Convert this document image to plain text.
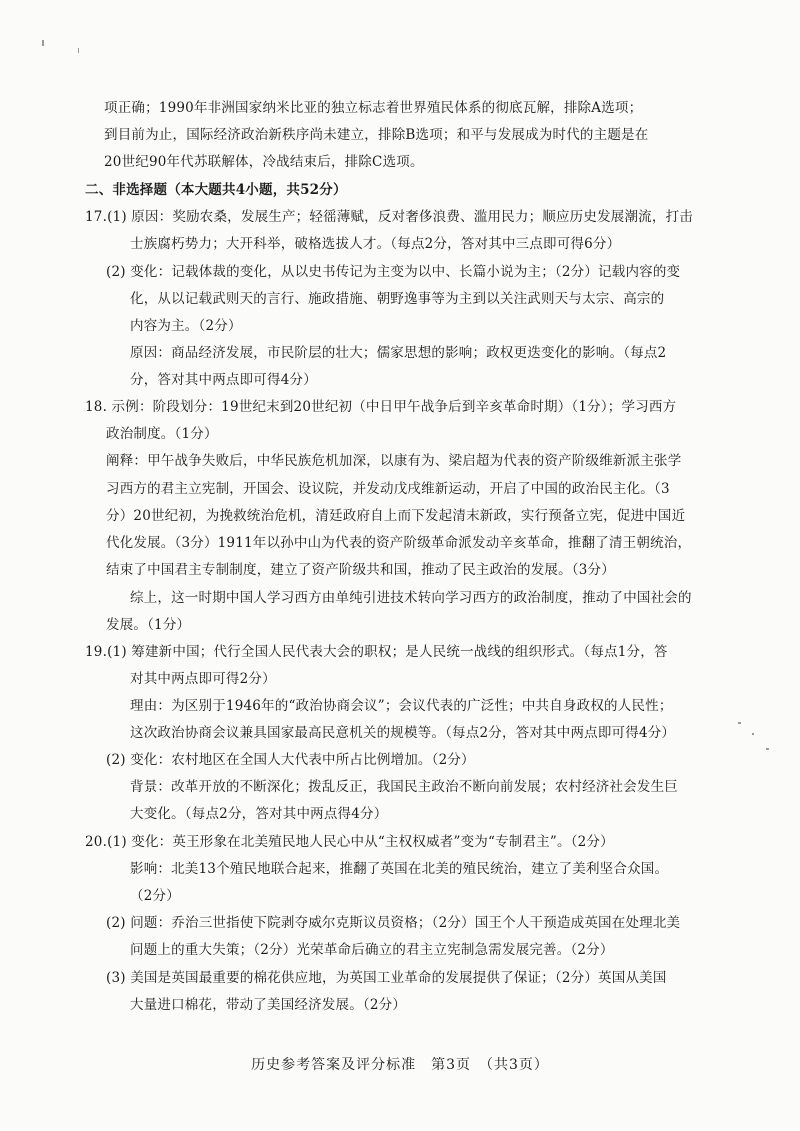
项正确；1990年非洲国家纳米比亚的独立标志着世界殖民体系的彻底瓦解，排除A选项；
到目前为止，国际经济政治新秩序尚未建立，排除B选项；和平与发展成为时代的主题是在
20世纪90年代苏联解体，冷战结束后，排除C选项。
二、非选择题（本大题共4小题，共52分）
17.(1) 原因：奖励农桑，发展生产；轻徭薄赋，反对奢侈浪费、滥用民力；顺应历史发展潮流，打击
士族腐朽势力；大开科举，破格选拔人才。（每点2分，答对其中三点即可得6分）
(2) 变化：记载体裁的变化，从以史书传记为主变为以中、长篇小说为主；（2分）记载内容的变
化，从以记载武则天的言行、施政措施、朝野逸事等为主到以关注武则天与太宗、高宗的
内容为主。（2分）
原因：商品经济发展，市民阶层的壮大；儒家思想的影响；政权更迭变化的影响。（每点2
分，答对其中两点即可得4分）
18. 示例：阶段划分：19世纪末到20世纪初（中日甲午战争后到辛亥革命时期）（1分）；学习西方
政治制度。（1分）
阐释：甲午战争失败后，中华民族危机加深，以康有为、梁启超为代表的资产阶级维新派主张学
习西方的君主立宪制，开国会、设议院，并发动戊戌维新运动，开启了中国的政治民主化。（3
分）20世纪初，为挽救统治危机，清廷政府自上而下发起清末新政，实行预备立宪，促进中国近
代化发展。（3分）1911年以孙中山为代表的资产阶级革命派发动辛亥革命，推翻了清王朝统治，
结束了中国君主专制制度，建立了资产阶级共和国，推动了民主政治的发展。（3分）
综上，这一时期中国人学习西方由单纯引进技术转向学习西方的政治制度，推动了中国社会的
发展。（1分）
19.(1) 筹建新中国；代行全国人民代表大会的职权；是人民统一战线的组织形式。（每点1分，答
对其中两点即可得2分）
理由：为区别于1946年的“政治协商会议”；会议代表的广泛性；中共自身政权的人民性；
这次政治协商会议兼具国家最高民意机关的规模等。（每点2分，答对其中两点即可得4分）
(2) 变化：农村地区在全国人大代表中所占比例增加。（2分）
背景：改革开放的不断深化；拨乱反正，我国民主政治不断向前发展；农村经济社会发生巨
大变化。（每点2分，答对其中两点得4分）
20.(1) 变化：英王形象在北美殖民地人民心中从“主权权威者”变为“专制君主”。（2分）
影响：北美13个殖民地联合起来，推翻了英国在北美的殖民统治，建立了美利坚合众国。
（2分）
(2) 问题：乔治三世指使下院剥夺威尔克斯议员资格；（2分）国王个人干预造成英国在处理北美
问题上的重大失策；（2分）光荣革命后确立的君主立宪制急需发展完善。（2分）
(3) 美国是英国最重要的棉花供应地，为英国工业革命的发展提供了保证；（2分）英国从美国
大量进口棉花，带动了美国经济发展。（2分）
历史参考答案及评分标准　第3页　（共3页）
